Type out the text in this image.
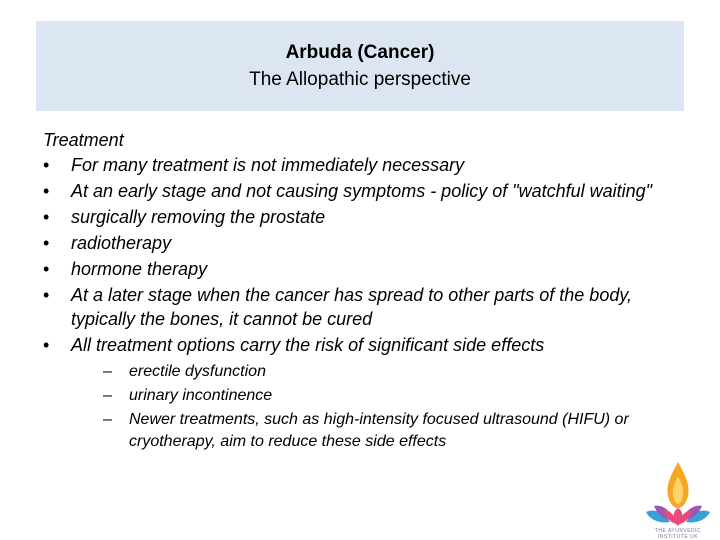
Arbuda (Cancer)
The Allopathic perspective

Treatment

• For many treatment is not immediately necessary
• At an early stage and not causing symptoms - policy of "watchful waiting"
• surgically removing the prostate
• radiotherapy
• hormone therapy
• At a later stage when the cancer has spread to other parts of the body, typically the bones, it cannot be cured
• All treatment options carry the risk of significant side effects
– erectile dysfunction
– urinary incontinence
– Newer treatments, such as high-intensity focused ultrasound (HIFU) or cryotherapy, aim to reduce these side effects
THE AYURVEDIC INSTITUTE UK
